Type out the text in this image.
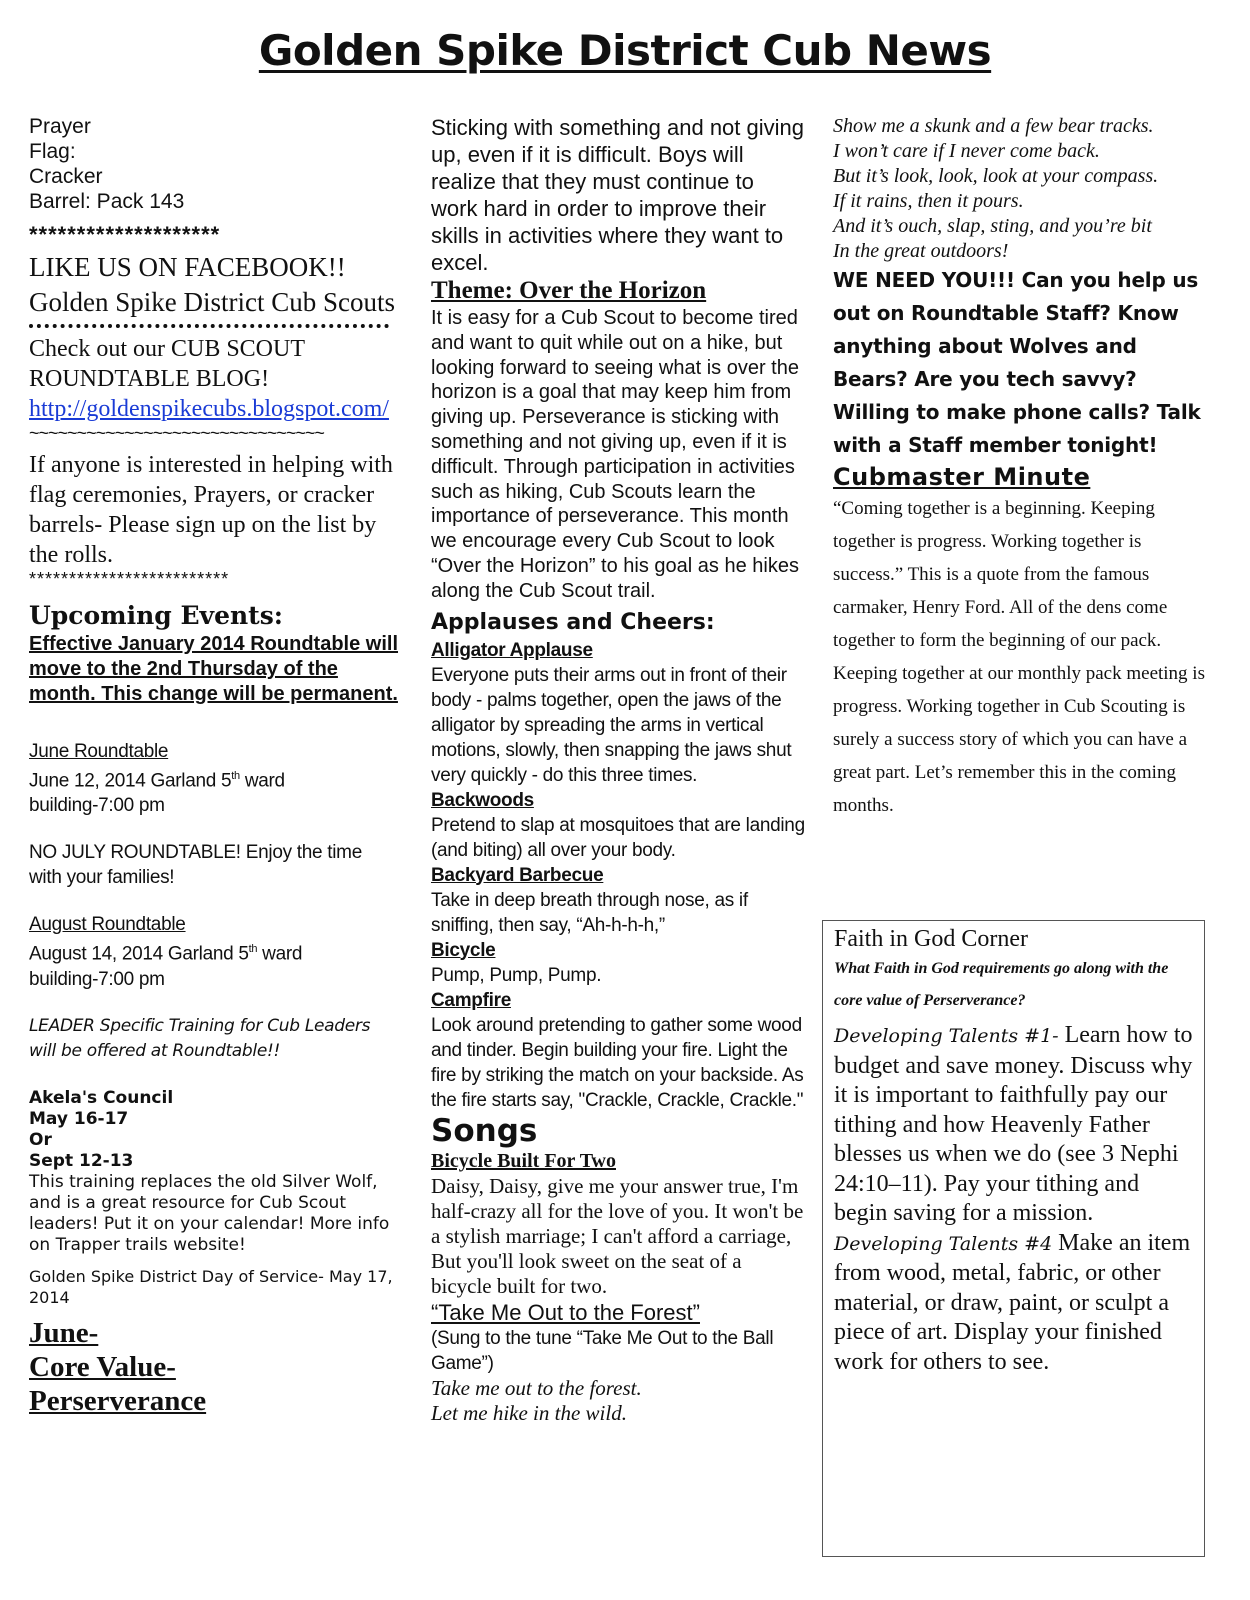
Golden Spike District Cub News

Prayer

Flag:

Cracker

Barrel: Pack 143

********************
LIKE US ON FACEBOOK!! Golden Spike District Cub Scouts

Check out our CUB SCOUT ROUNDTABLE BLOG!

http://goldenspikecubs.blogspot.com/

~~~~~~~~~~~~~~~~~~~~~~~~~~~~~~~
If anyone is interested in helping with flag ceremonies, Prayers, or cracker barrels- Please sign up on the list by the rolls.
*************************
Upcoming Events:
Effective January 2014 Roundtable will move to the 2nd Thursday of the month. This change will be permanent.

June Roundtable

June 12, 2014 Garland 5th ward

building-7:00 pm

NO JULY ROUNDTABLE! Enjoy the time with your families!

August Roundtable

August 14, 2014 Garland 5th ward

building-7:00 pm

LEADER Specific Training for Cub Leaders will be offered at Roundtable!!

Akela's Council

May 16-17

Or

Sept 12-13

This training replaces the old Silver Wolf, and is a great resource for Cub Scout leaders! Put it on your calendar! More info on Trapper trails website!

Golden Spike District Day of Service- May 17, 2014

June-

Core Value-

Perserverance

Sticking with something and not giving up, even if it is difficult. Boys will realize that they must continue to work hard in order to improve their skills in activities where they want to excel.
Theme: Over the Horizon
It is easy for a Cub Scout to become tired and want to quit while out on a hike, but looking forward to seeing what is over the horizon is a goal that may keep him from giving up. Perseverance is sticking with something and not giving up, even if it is difficult. Through participation in activities such as hiking, Cub Scouts learn the importance of perseverance. This month we encourage every Cub Scout to look “Over the Horizon” to his goal as he hikes along the Cub Scout trail.
Applauses and Cheers:

Alligator Applause

Everyone puts their arms out in front of their body - palms together, open the jaws of the alligator by spreading the arms in vertical motions, slowly, then snapping the jaws shut very quickly - do this three times.

Backwoods

Pretend to slap at mosquitoes that are landing (and biting) all over your body.

Backyard Barbecue

Take in deep breath through nose, as if sniffing, then say, “Ah-h-h-h,”

Bicycle

Pump, Pump, Pump.

Campfire

Look around pretending to gather some wood and tinder. Begin building your fire. Light the fire by striking the match on your backside. As the fire starts say, "Crackle, Crackle, Crackle."

Songs
Bicycle Built For Two
Daisy, Daisy, give me your answer true, I'm half-crazy all for the love of you. It won't be a stylish marriage; I can't afford a carriage, But you'll look sweet on the seat of a bicycle built for two.
“Take Me Out to the Forest”
(Sung to the tune “Take Me Out to the Ball Game”)

Take me out to the forest.

Let me hike in the wild.

Show me a skunk and a few bear tracks.

I won’t care if I never come back.

But it’s look, look, look at your compass.

If it rains, then it pours.

And it’s ouch, slap, sting, and you’re bit

In the great outdoors!

WE NEED YOU!!! Can you help us out on Roundtable Staff? Know anything about Wolves and Bears? Are you tech savvy? Willing to make phone calls? Talk with a Staff member tonight!
Cubmaster Minute
“Coming together is a beginning. Keeping together is progress. Working together is success.” This is a quote from the famous carmaker, Henry Ford. All of the dens come together to form the beginning of our pack. Keeping together at our monthly pack meeting is progress. Working together in Cub Scouting is surely a success story of which you can have a great part. Let’s remember this in the coming months.
Faith in God Corner
What Faith in God requirements go along with the core value of Perserverance?
Developing Talents #1- Learn how to budget and save money. Discuss why it is important to faithfully pay our tithing and how Heavenly Father blesses us when we do (see 3 Nephi 24:10–11). Pay your tithing and begin saving for a mission.
Developing Talents #4 Make an item from wood, metal, fabric, or other material, or draw, paint, or sculpt a piece of art. Display your finished work for others to see.
